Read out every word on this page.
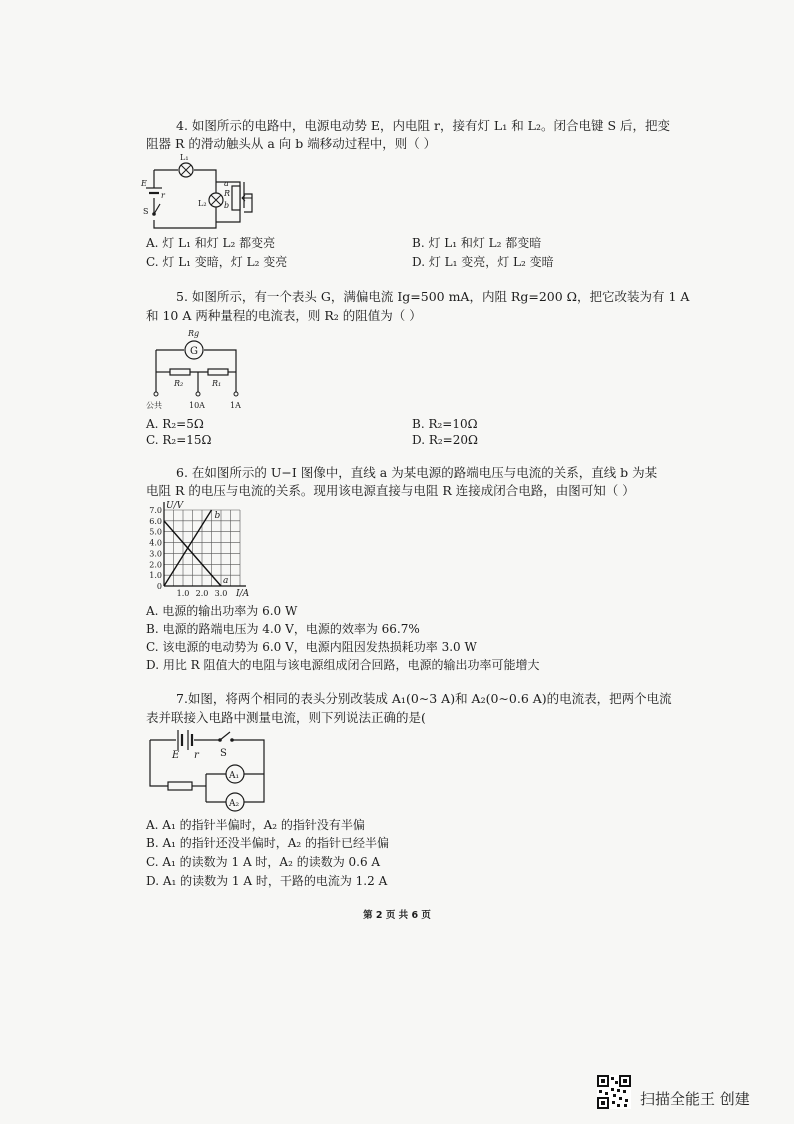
4. 如图所示的电路中，电源电动势 E，内电阻 r，接有灯 L₁ 和 L₂。闭合电键 S 后，把变
阻器 R 的滑动触头从 a 向 b 端移动过程中，则（ ）
L₁
E
r
S
L₂
a
R
b
A. 灯 L₁ 和灯 L₂ 都变亮	B. 灯 L₁ 和灯 L₂ 都变暗
C. 灯 L₁ 变暗，灯 L₂ 变亮	D. 灯 L₁ 变亮，灯 L₂ 变暗
5. 如图所示，有一个表头 G，满偏电流 Ig=500 mA，内阻 Rg=200 Ω，把它改装为有 1 A
和 10 A 两种量程的电流表，则 R₂ 的阻值为（ ）
G
Rg
R₂	R₁
公共	10A	1A
A. R₂=5Ω	B. R₂=10Ω
C. R₂=15Ω	D. R₂=20Ω
6. 在如图所示的 U−I 图像中，直线 a 为某电源的路端电压与电流的关系，直线 b 为某
电阻 R 的电压与电流的关系。现用该电源直接与电阻 R 连接成闭合电路，由图可知（ ）
0
1.0
2.0
3.0
4.0
5.0
6.0
7.0
1.0 2.0 3.0
U/V
I/A
a
b
A. 电源的输出功率为 6.0 W
B. 电源的路端电压为 4.0 V，电源的效率为 66.7%
C. 该电源的电动势为 6.0 V，电源内阻因发热损耗功率 3.0 W
D. 用比 R 阻值大的电阻与该电源组成闭合回路，电源的输出功率可能增大
7.如图，将两个相同的表头分别改装成 A₁(0∼3 A)和 A₂(0∼0.6 A)的电流表，把两个电流
表并联接入电路中测量电流，则下列说法正确的是(
A₁
A₂
E r S
A. A₁ 的指针半偏时，A₂ 的指针没有半偏
B. A₁ 的指针还没半偏时，A₂ 的指针已经半偏
C. A₁ 的读数为 1 A 时，A₂ 的读数为 0.6 A
D. A₁ 的读数为 1 A 时，干路的电流为 1.2 A
第 2 页 共 6 页
扫描全能王 创建
